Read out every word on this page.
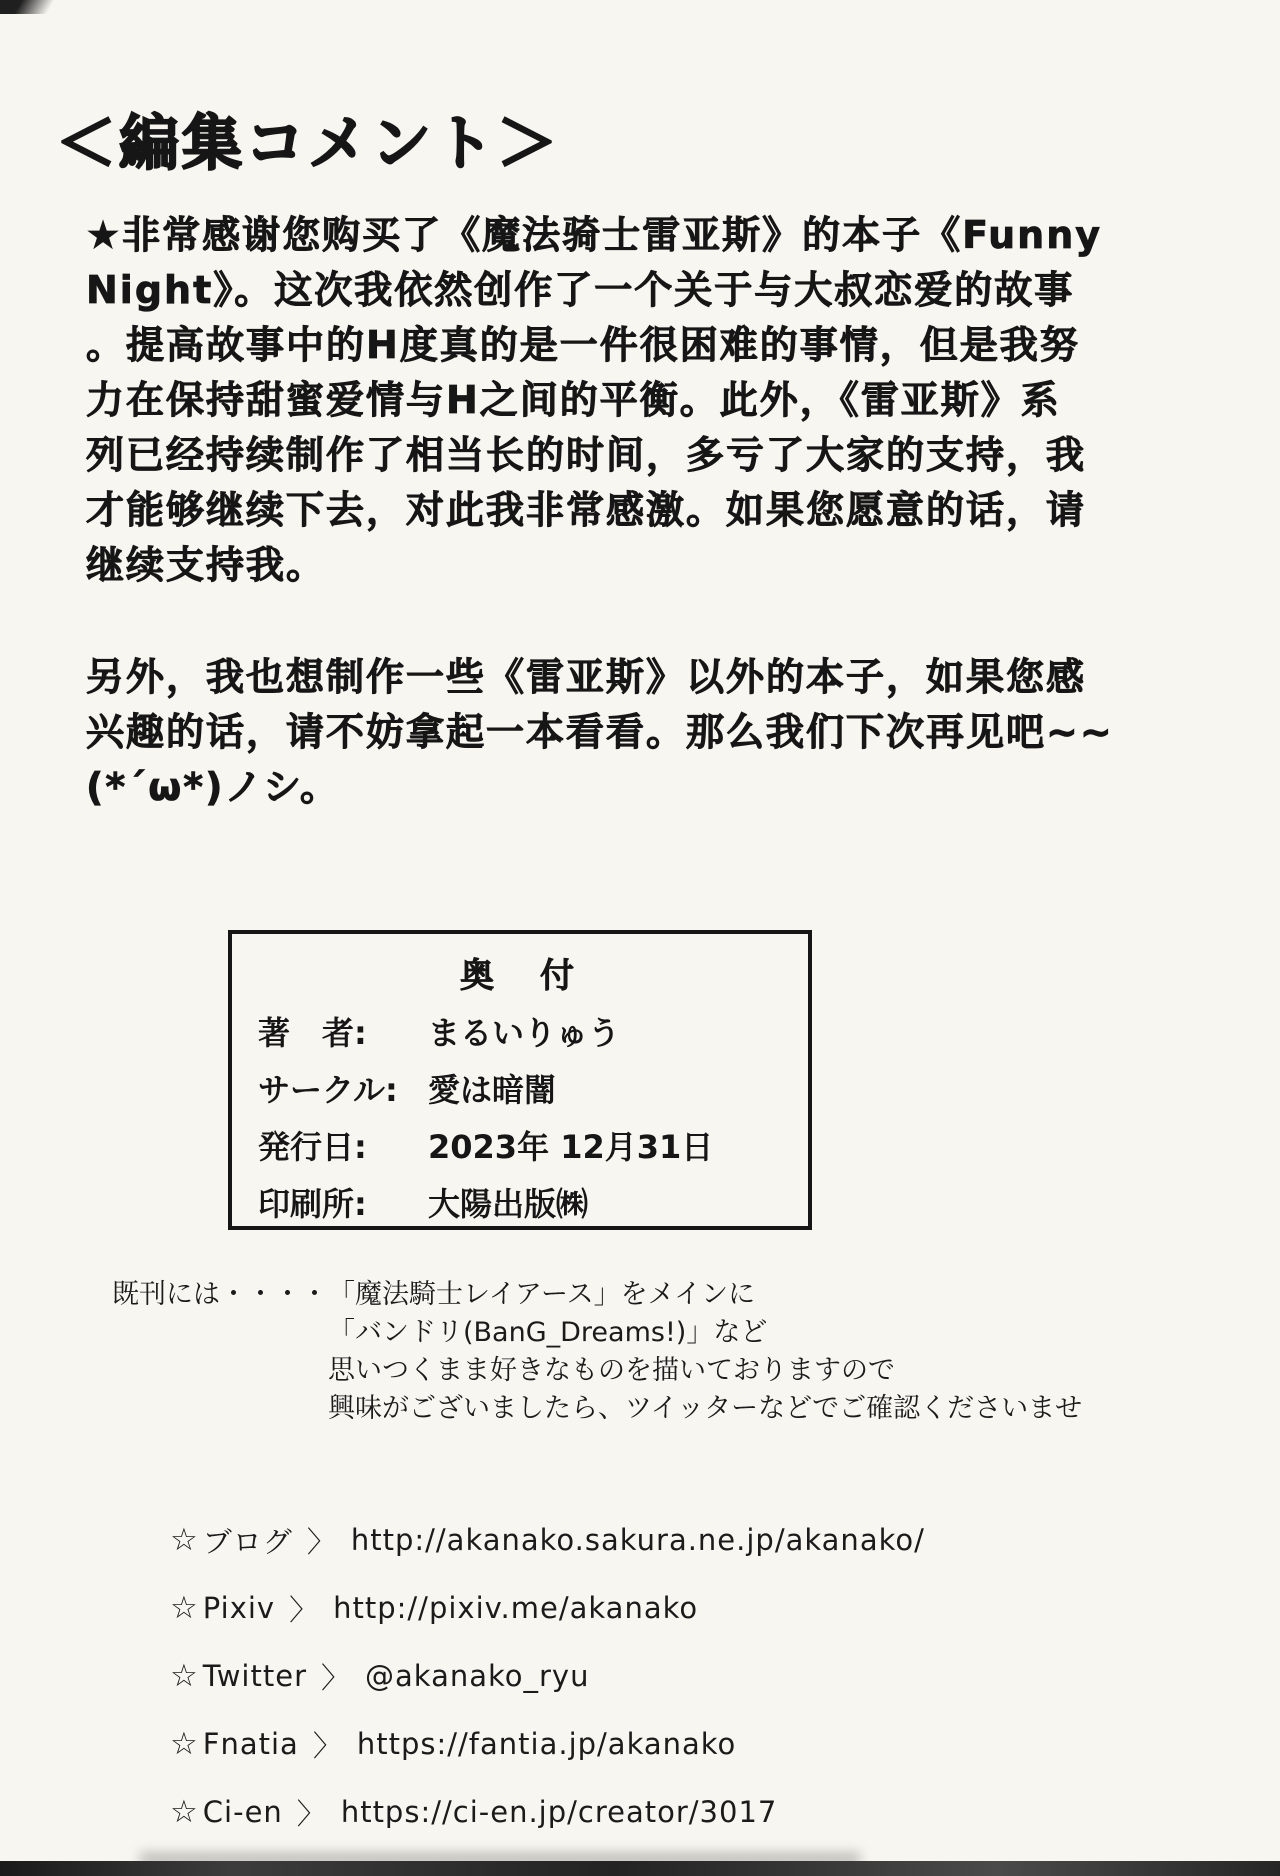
＜編集コメント＞
★非常感谢您购买了《魔法骑士雷亚斯》的本子《Funny
Night》。这次我依然创作了一个关于与大叔恋爱的故事
。提高故事中的H度真的是一件很困难的事情，但是我努
力在保持甜蜜爱情与H之间的平衡。此外，《雷亚斯》系
列已经持续制作了相当长的时间，多亏了大家的支持，我
才能够继续下去，对此我非常感激。如果您愿意的话，请
继续支持我。
另外，我也想制作一些《雷亚斯》以外的本子，如果您感
兴趣的话，请不妨拿起一本看看。那么我们下次再见吧~~
(*´ω*)ノシ。
奥　付
著　者:	まるいりゅう
サークル: 愛は暗闇
発行日:	2023年 12月31日
印刷所:	大陽出版㈱
既刊には・・・・ 「魔法騎士レイアース」をメインに
「バンドリ(BanG_Dreams!)」など
思いつくまま好きなものを描いておりますので
興味がございましたら、ツイッターなどでご確認くださいませ
☆ ブログ 〉 http://akanako.sakura.ne.jp/akanako/
☆ Pixiv 〉 http://pixiv.me/akanako
☆ Twitter 〉 @akanako_ryu
☆ Fnatia 〉 https://fantia.jp/akanako
☆ Ci-en 〉 https://ci-en.jp/creator/3017
